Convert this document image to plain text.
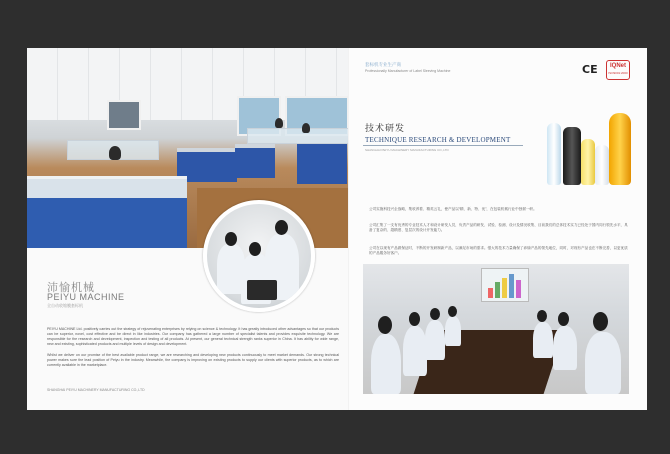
沛愉机械
PEIYU MACHINE
全自动收缩膜套标机
PEIYU MACHINE Ltd. positively carries out the strategy of rejuvenating enterprises by relying on science & technology. It has greatly introduced other advantages so that our products can be superior, novel, cost effective and be direct in like industries. Our company has gathered a large number of specialist talents and provides exquisite technology. We are responsible for the research and development, inspection and testing of all products. At present, our general technical strength ranks superior in China. It has ability for wide range, new and existing, sophisticated products and multiple levels of design and development.
Whilst we deliver on our promise of the best available product range, we are researching and developing new products continuously to meet market demands. Our strong technical power makes sure the lead position of Peiyu in the industry. Meanwhile, the company is improving on existing products to supply our clients with superior products, as to which are currently available in the marketplace.
SHANGHAI PEIYU MACHINERY MANUFACTURING CO.,LTD
套标机专业生产商
Professionally Manufacturer of Label Sleeving Machine	CE	IQNet
ISO9001:2000
技术研发
TECHNIQUE RESEARCH & DEVELOPMENT
SHANGHAI PEIYU MACHINERY MANUFACTURING CO.,LTD
公司实施科技兴企战略，集收养着、精英云礼，使产品以“精、新、特、优”，在包装机械行业中独树一帜。
公司汇集了一支有优秀的专业技术人才和设计研发人员，负责产品的研发、试验、检测、设计及情况收集、目前我们的总体技术实力已经处于国内同行领先水平，具备了复杂的、超精度、复层次的设计开发能力。
公司在以现有产品做保证时，不断的开发研制新产品，以满足市场的需求。强大的技术力量确保了沛愉产品的领先地位，同时，对现有产品也在不断完善，以更优质的产品服务好客户。
